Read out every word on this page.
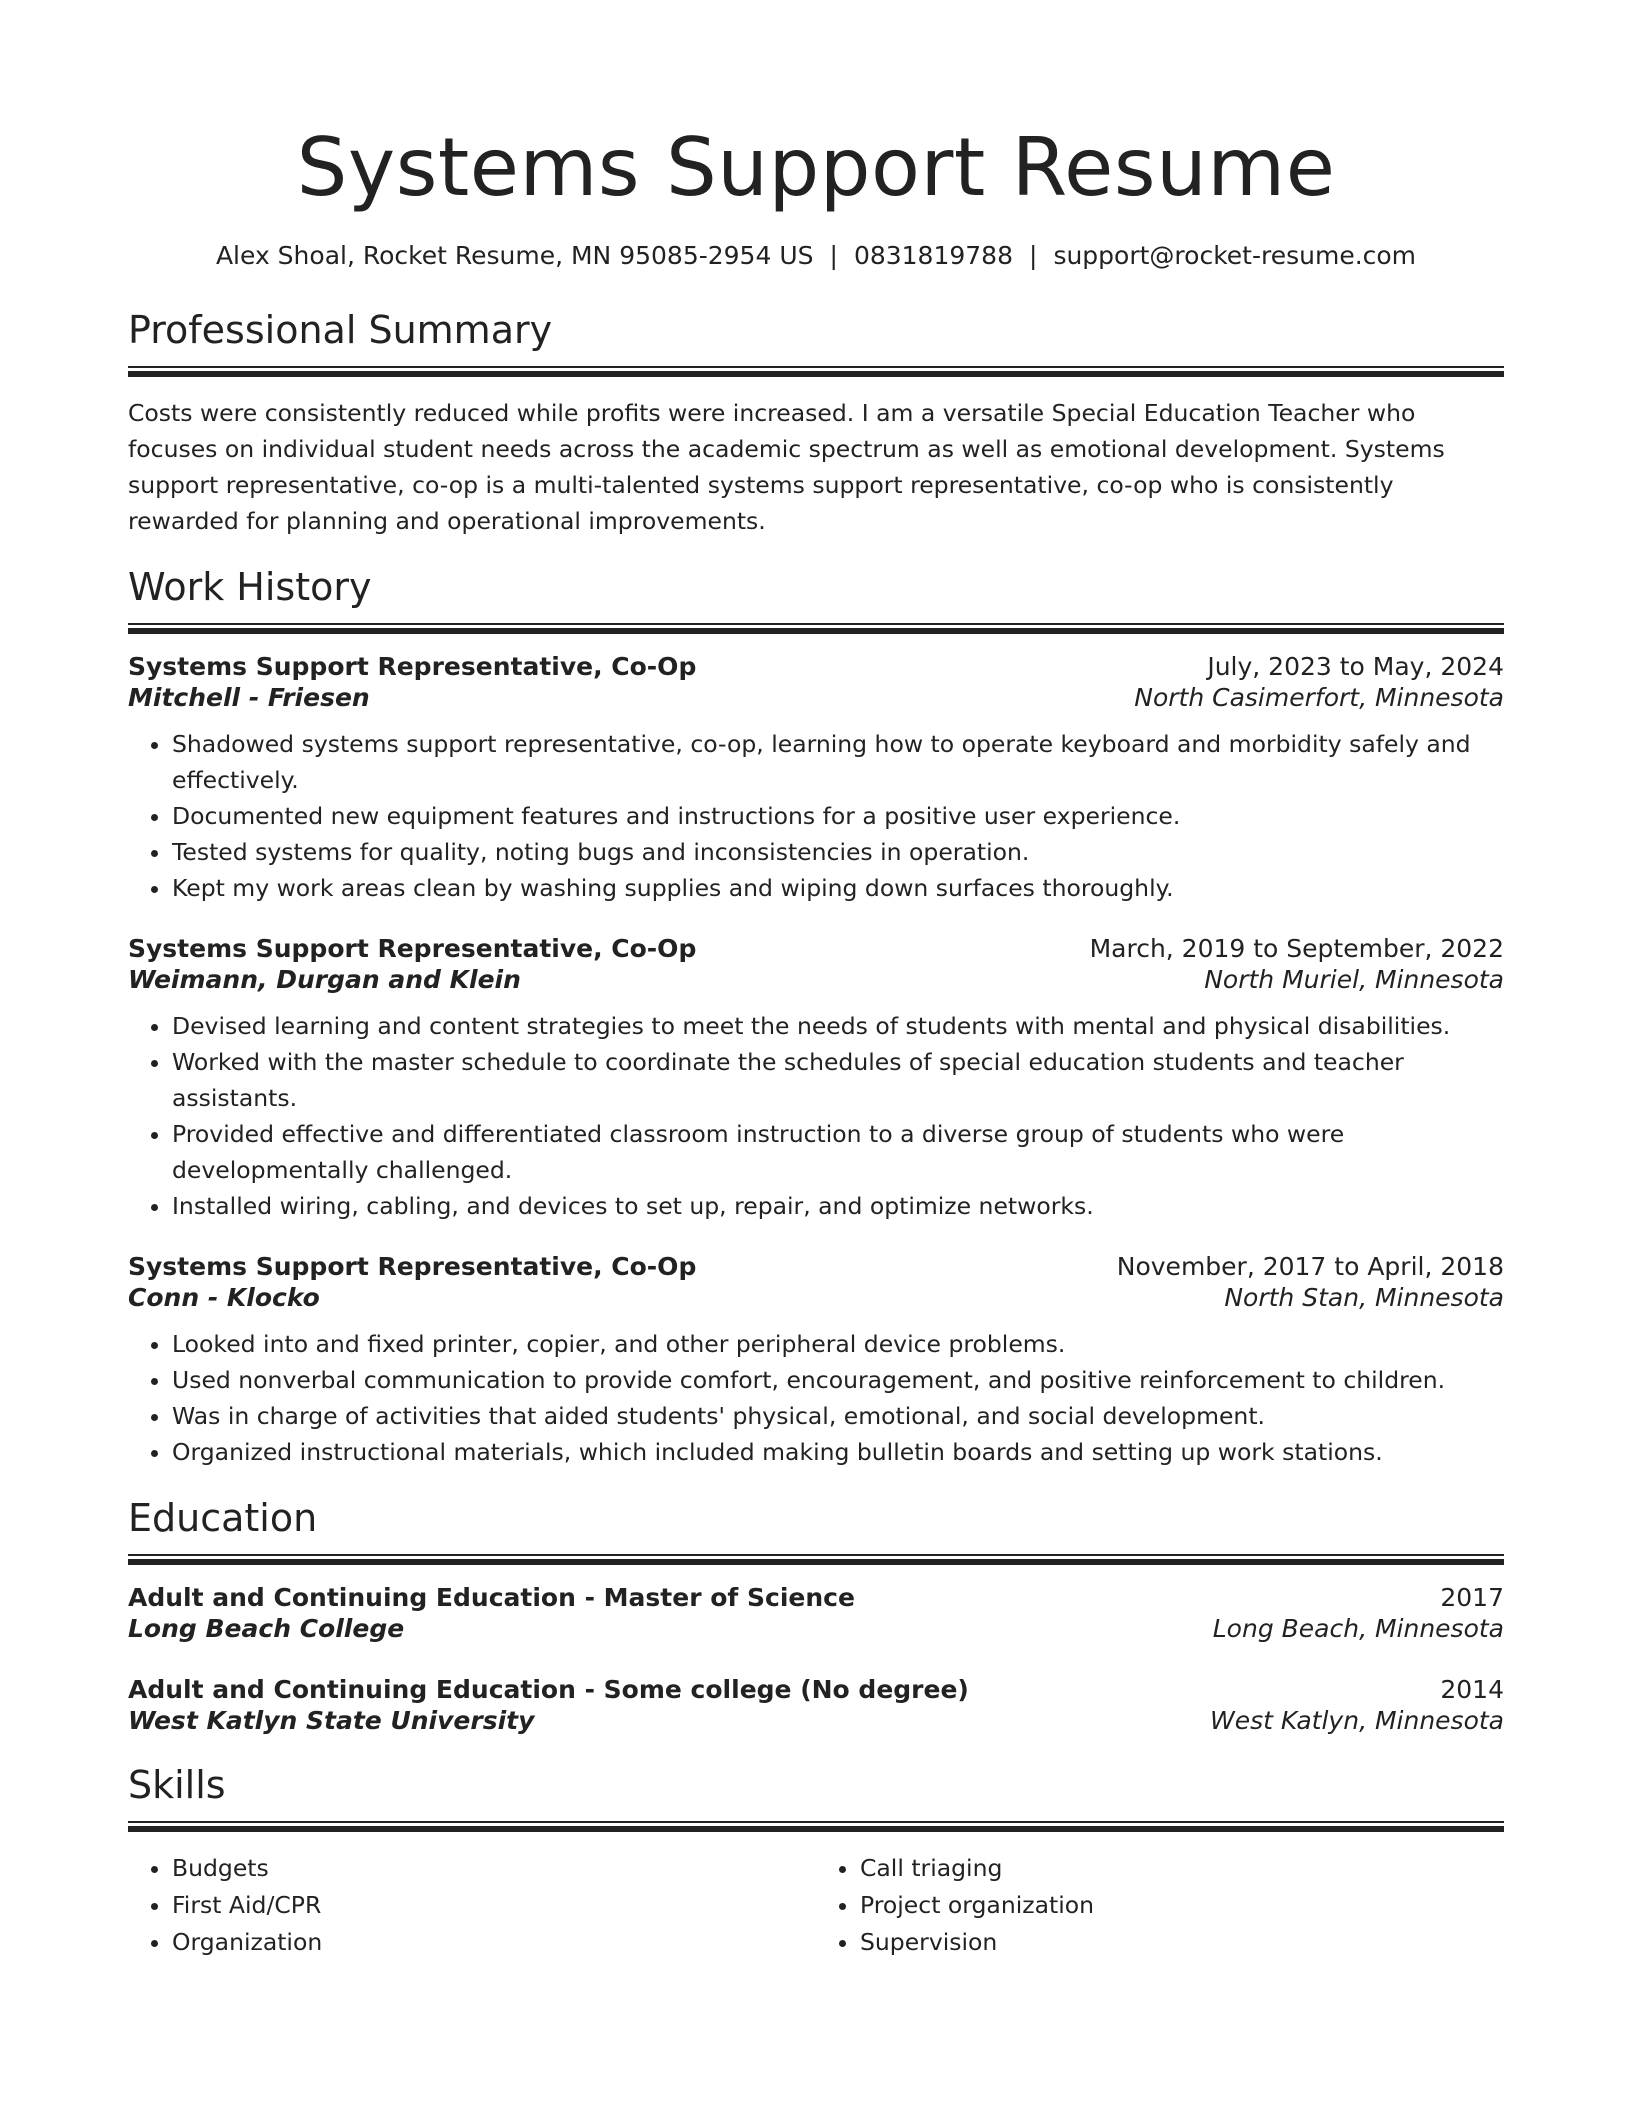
Systems Support Resume
Alex Shoal, Rocket Resume, MN 95085-2954 US | 0831819788 | support@rocket-resume.com
Professional Summary

Costs were consistently reduced while profits were increased. I am a versatile Special Education Teacher who focuses on individual student needs across the academic spectrum as well as emotional development. Systems support representative, co-op is a multi-talented systems support representative, co-op who is consistently rewarded for planning and operational improvements.

Work History
Systems Support Representative, Co-Op	July, 2023 to May, 2024
Mitchell - Friesen	North Casimerfort, Minnesota
• Shadowed systems support representative, co-op, learning how to operate keyboard and morbidity safely and effectively.
• Documented new equipment features and instructions for a positive user experience.
• Tested systems for quality, noting bugs and inconsistencies in operation.
• Kept my work areas clean by washing supplies and wiping down surfaces thoroughly.
Systems Support Representative, Co-Op	March, 2019 to September, 2022
Weimann, Durgan and Klein	North Muriel, Minnesota
• Devised learning and content strategies to meet the needs of students with mental and physical disabilities.
• Worked with the master schedule to coordinate the schedules of special education students and teacher assistants.
• Provided effective and differentiated classroom instruction to a diverse group of students who were developmentally challenged.
• Installed wiring, cabling, and devices to set up, repair, and optimize networks.
Systems Support Representative, Co-Op	November, 2017 to April, 2018
Conn - Klocko	North Stan, Minnesota
• Looked into and fixed printer, copier, and other peripheral device problems.
• Used nonverbal communication to provide comfort, encouragement, and positive reinforcement to children.
• Was in charge of activities that aided students' physical, emotional, and social development.
• Organized instructional materials, which included making bulletin boards and setting up work stations.
Education
Adult and Continuing Education - Master of Science	2017
Long Beach College	Long Beach, Minnesota
Adult and Continuing Education - Some college (No degree)	2014
West Katlyn State University	West Katlyn, Minnesota
Skills
• Budgets
• First Aid/CPR
• Organization
• Call triaging
• Project organization
• Supervision
